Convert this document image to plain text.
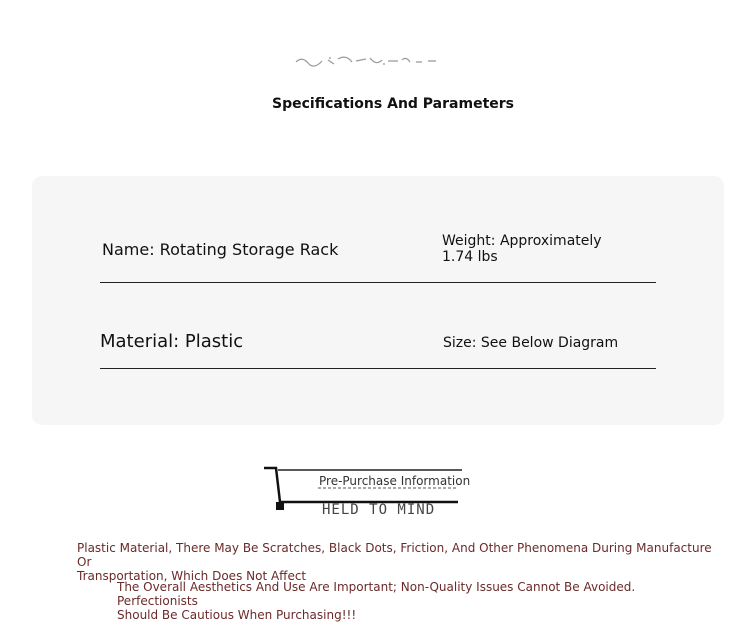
Specifications And Parameters
Name: Rotating Storage Rack	Weight: Approximately
1.74 lbs
Material: Plastic	Size: See Below Diagram
HELD TO MIND
Pre-Purchase Information
Plastic Material, There May Be Scratches, Black Dots, Friction, And Other Phenomena During Manufacture Or
Transportation, Which Does Not Affect
The Overall Aesthetics And Use Are Important; Non-Quality Issues Cannot Be Avoided. Perfectionists
Should Be Cautious When Purchasing!!!
